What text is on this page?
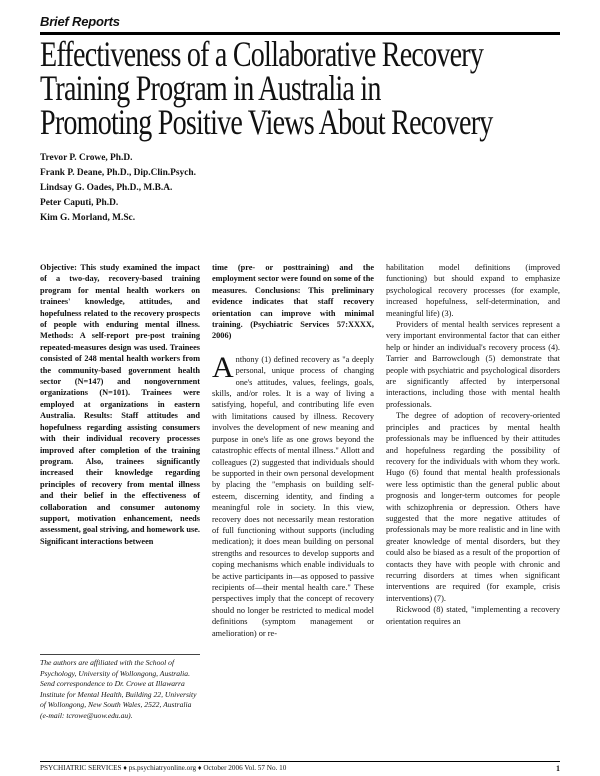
Brief Reports
Effectiveness of a Collaborative Recovery
Training Program in Australia in
Promoting Positive Views About Recovery
Trevor P. Crowe, Ph.D.
Frank P. Deane, Ph.D., Dip.Clin.Psych.
Lindsay G. Oades, Ph.D., M.B.A.
Peter Caputi, Ph.D.
Kim G. Morland, M.Sc.

Objective: This study examined the impact of a two-day, recovery-based training program for mental health workers on trainees' knowledge, attitudes, and hopefulness related to the recovery prospects of people with enduring mental illness. Methods: A self-report pre-post training repeated-measures design was used. Trainees consisted of 248 mental health workers from the community-based government health sector (N=147) and nongovernment organizations (N=101). Trainees were employed at organizations in eastern Australia. Results: Staff attitudes and hopefulness regarding assisting consumers with their individual recovery processes improved after completion of the training program. Also, trainees significantly increased their knowledge regarding principles of recovery from mental illness and their belief in the effectiveness of collaboration and consumer autonomy support, motivation enhancement, needs assessment, goal striving, and homework use. Significant interactions between

time (pre- or posttraining) and the employment sector were found on some of the measures. Conclusions: This preliminary evidence indicates that staff recovery orientation can improve with minimal training. (Psychiatric Services 57:XXXX, 2006)

Anthony (1) defined recovery as "a deeply personal, unique process of changing one's attitudes, values, feelings, goals, skills, and/or roles. It is a way of living a satisfying, hopeful, and contributing life even with limitations caused by illness. Recovery involves the development of new meaning and purpose in one's life as one grows beyond the catastrophic effects of mental illness." Allott and colleagues (2) suggested that individuals should be supported in their own personal development by placing the "emphasis on building self-esteem, discerning identity, and finding a meaningful role in society. In this view, recovery does not necessarily mean restoration of full functioning without supports (including medication); it does mean building on personal strengths and resources to develop supports and coping mechanisms which enable individuals to be active participants in—as opposed to passive recipients of—their mental health care." These perspectives imply that the concept of recovery should no longer be restricted to medical model definitions (symptom management or amelioration) or re-

habilitation model definitions (improved functioning) but should expand to emphasize psychological recovery processes (for example, increased hopefulness, self-determination, and meaningful life) (3).

Providers of mental health services represent a very important environmental factor that can either help or hinder an individual's recovery process (4). Tarrier and Barrowclough (5) demonstrate that people with psychiatric and psychological disorders are significantly affected by interpersonal interactions, including those with mental health professionals.

The degree of adoption of recovery-oriented principles and practices by mental health professionals may be influenced by their attitudes and hopefulness regarding the possibility of recovery for the individuals with whom they work. Hugo (6) found that mental health professionals were less optimistic than the general public about prognosis and longer-term outcomes for people with schizophrenia or depression. Others have suggested that the more negative attitudes of professionals may be more realistic and in line with greater knowledge of mental disorders, but they could also be biased as a result of the proportion of contacts they have with people with chronic and recurring disorders at times when significant interventions are required (for example, crisis interventions) (7).

Rickwood (8) stated, "implementing a recovery orientation requires an

The authors are affiliated with the School of Psychology, University of Wollongong, Australia. Send correspondence to Dr. Crowe at Illawarra Institute for Mental Health, Building 22, University of Wollongong, New South Wales, 2522, Australia (e-mail: tcrowe@uow.edu.au).
PSYCHIATRIC SERVICES ♦ ps.psychiatryonline.org ♦ October 2006 Vol. 57 No. 10	1
